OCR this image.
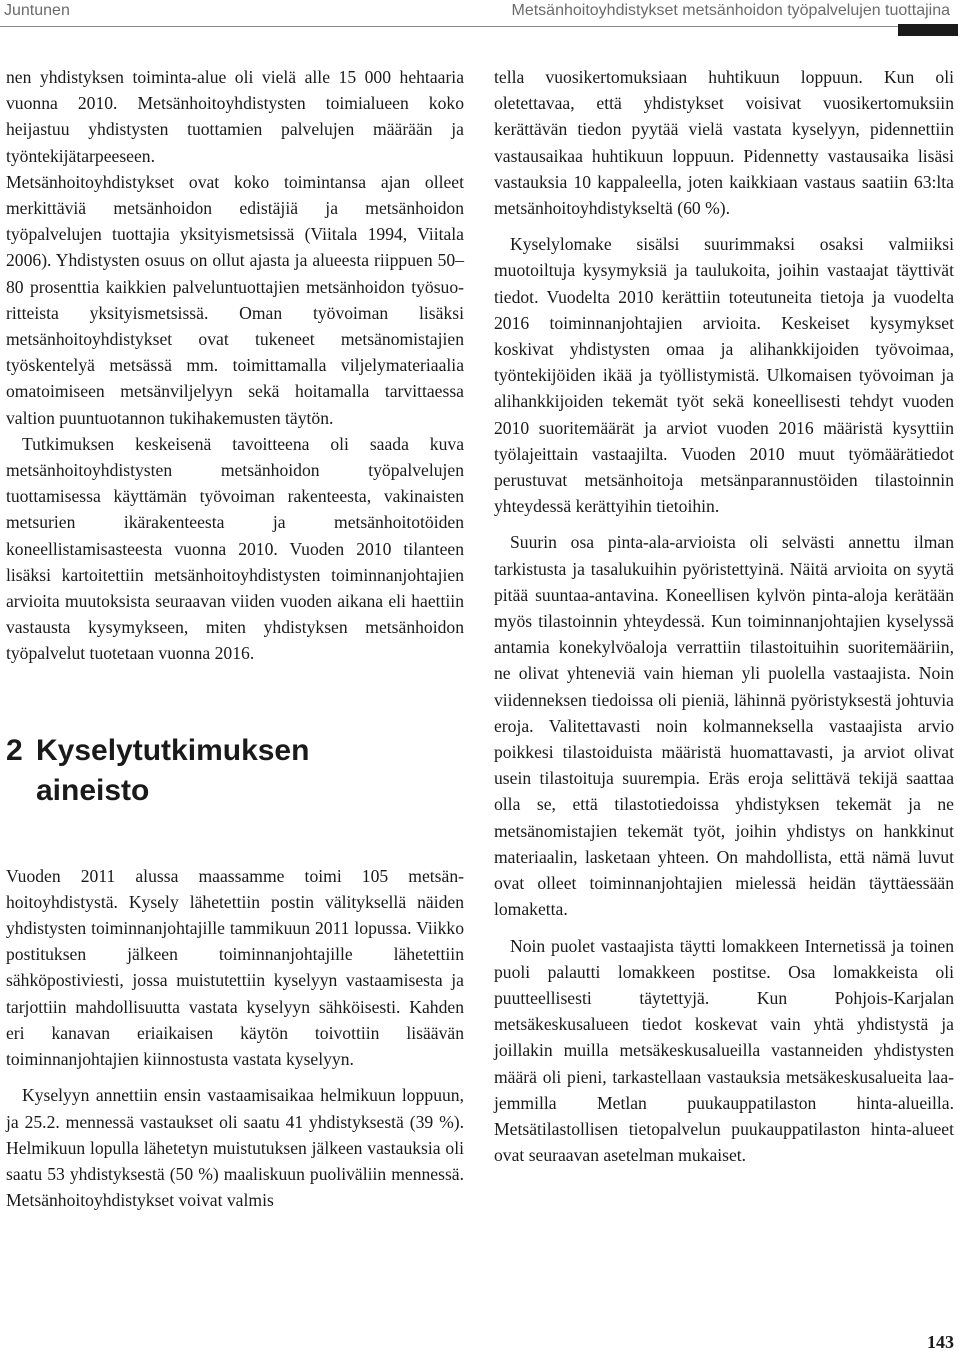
Juntunen	Metsänhoitoyhdistykset metsänhoidon työpalvelujen tuottajina

nen yhdistyksen toiminta-alue oli vielä alle 15 000 hehtaaria vuonna 2010. Metsänhoitoyhdistysten toimialueen koko heijastuu yhdistysten tuottamien palvelujen määrään ja työntekijätarpeeseen.

Metsänhoitoyhdistykset ovat koko toimintansa ajan olleet merkittäviä metsänhoidon edistäjiä ja metsänhoidon työpalvelujen tuottajia yksityismetsissä (Viitala 1994, Viitala 2006). Yhdistysten osuus on ollut ajasta ja alueesta riippuen 50–80 prosenttia kaikkien palveluntuottajien metsänhoidon työsuoritteista yksityismetsissä. Oman työvoiman lisäksi metsänhoitoyhdistykset ovat tukeneet metsänomistajien työskentelyä metsässä mm. toimittamalla viljelymateriaalia omatoimiseen metsänviljelyyn sekä hoitamalla tarvittaessa valtion puuntuotannon tukihakemusten täytön.

Tutkimuksen keskeisenä tavoitteena oli saada kuva metsänhoitoyhdistysten metsänhoidon työpalvelujen tuottamisessa käyttämän työvoiman rakenteesta, vakinaisten metsurien ikärakenteesta ja metsänhoitotöiden koneellistamisasteesta vuonna 2010. Vuoden 2010 tilanteen lisäksi kartoitettiin metsänhoitoyhdistysten toiminnanjohtajien arvioita muutoksista seuraavan viiden vuoden aikana eli haettiin vastausta kysymykseen, miten yhdistyksen metsänhoidon työpalvelut tuotetaan vuonna 2016.

2 Kyselytutkimuksen
aineisto

Vuoden 2011 alussa maassamme toimi 105 metsänhoitoyhdistystä. Kysely lähetettiin postin välityksellä näiden yhdistysten toiminnanjohtajille tammikuun 2011 lopussa. Viikko postituksen jälkeen toiminnanjohtajille lähetettiin sähköpostiviesti, jossa muistutettiin kyselyyn vastaamisesta ja tarjottiin mahdollisuutta vastata kyselyyn sähköisesti. Kahden eri kanavan eriaikaisen käytön toivottiin lisäävän toiminnanjohtajien kiinnostusta vastata kyselyyn.

Kyselyyn annettiin ensin vastaamisaikaa helmikuun loppuun, ja 25.2. mennessä vastaukset oli saatu 41 yhdistyksestä (39 %). Helmikuun lopulla lähetetyn muistutuksen jälkeen vastauksia oli saatu 53 yhdistyksestä (50 %) maaliskuun puoliväliin mennessä. Metsänhoitoyhdistykset voivat valmis

tella vuosikertomuksiaan huhtikuun loppuun. Kun oli oletettavaa, että yhdistykset voisivat vuosikertomuksiin kerättävän tiedon pyytää vielä vastata kyselyyn, pidennettiin vastausaikaa huhtikuun loppuun. Pidennetty vastausaika lisäsi vastauksia 10 kappaleella, joten kaikkiaan vastaus saatiin 63:lta metsänhoitoyhdistykseltä (60 %).

Kyselylomake sisälsi suurimmaksi osaksi valmiiksi muotoiltuja kysymyksiä ja taulukoita, joihin vastaajat täyttivät tiedot. Vuodelta 2010 kerättiin toteutuneita tietoja ja vuodelta 2016 toiminnanjohtajien arvioita. Keskeiset kysymykset koskivat yhdistysten omaa ja alihankkijoiden työvoimaa, työntekijöiden ikää ja työllistymistä. Ulkomaisen työvoiman ja alihankkijoiden tekemät työt sekä koneellisesti tehdyt vuoden 2010 suoritemäärät ja arviot vuoden 2016 määristä kysyttiin työlajeittain vastaajilta. Vuoden 2010 muut työmäärätiedot perustuvat metsänhoitoja metsänparannustöiden tilastoinnin yhteydessä kerättyihin tietoihin.

Suurin osa pinta-ala-arvioista oli selvästi annettu ilman tarkistusta ja tasalukuihin pyöristettyinä. Näitä arvioita on syytä pitää suuntaa-antavina. Koneellisen kylvön pinta-aloja kerätään myös tilastoinnin yhteydessä. Kun toiminnanjohtajien kyselyssä antamia konekylvöaloja verrattiin tilastoituihin suoritemääriin, ne olivat yhteneviä vain hieman yli puolella vastaajista. Noin viidenneksen tiedoissa oli pieniä, lähinnä pyöristyksestä johtuvia eroja. Valitettavasti noin kolmanneksella vastaajista arvio poikkesi tilastoiduista määristä huomattavasti, ja arviot olivat usein tilastoituja suurempia. Eräs eroja selittävä tekijä saattaa olla se, että tilastotiedoissa yhdistyksen tekemät ja ne metsänomistajien tekemät työt, joihin yhdistys on hankkinut materiaalin, lasketaan yhteen. On mahdollista, että nämä luvut ovat olleet toiminnanjohtajien mielessä heidän täyttäessään lomaketta.

Noin puolet vastaajista täytti lomakkeen Internetissä ja toinen puoli palautti lomakkeen postitse. Osa lomakkeista oli puutteellisesti täytettyjä. Kun Pohjois-Karjalan metsäkeskusalueen tiedot koskevat vain yhtä yhdistystä ja joillakin muilla metsäkeskusalueilla vastanneiden yhdistysten määrä oli pieni, tarkastellaan vastauksia metsäkeskusalueita laajemmilla Metlan puukauppatilaston hinta-alueilla. Metsätilastollisen tietopalvelun puukauppatilaston hinta-alueet ovat seuraavan asetelman mukaiset.

143
